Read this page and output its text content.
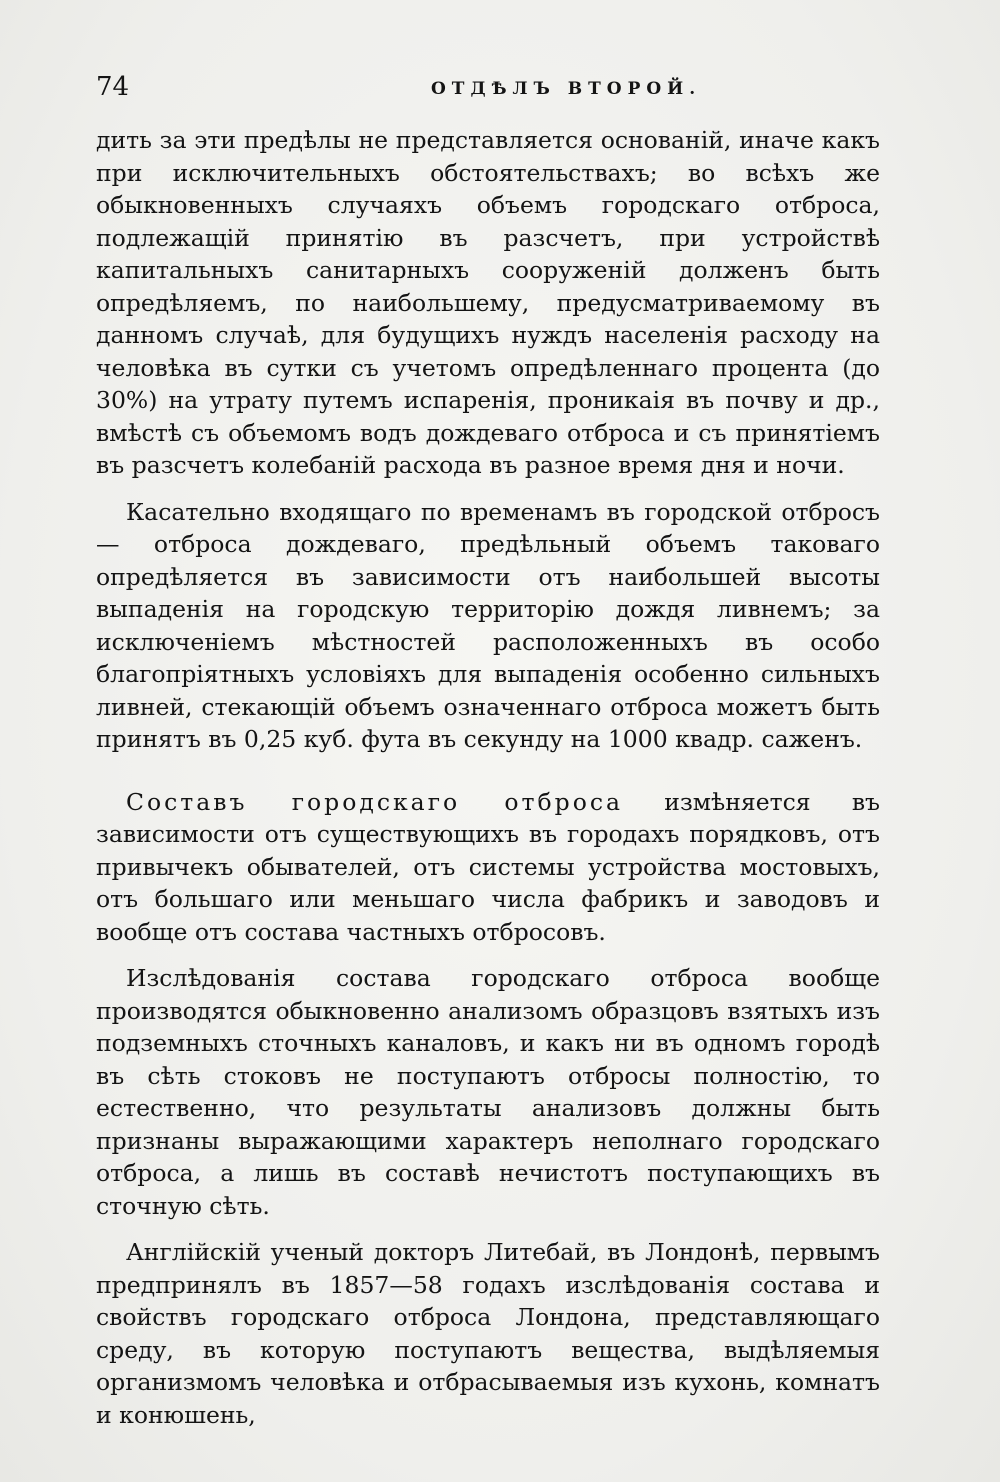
74	ОТДѢЛЪ ВТОРОЙ.

дить за эти предѣлы не представляется основаній, иначе какъ при исключительныхъ обстоятельствахъ; во всѣхъ же обыкновенныхъ случаяхъ объемъ городскаго отброса, подлежащій принятію въ разсчетъ, при устройствѣ капитальныхъ санитарныхъ сооруженій долженъ быть опредѣляемъ, по наибольшему, предусматриваемому въ данномъ случаѣ, для будущихъ нуждъ населенія расходу на человѣка въ сутки съ учетомъ опредѣленнаго процента (до 30%) на утрату путемъ испаренія, проникаія въ почву и др., вмѣстѣ съ объемомъ водъ дождеваго отброса и съ принятіемъ въ разсчетъ колебаній расхода въ разное время дня и ночи.

Касательно входящаго по временамъ въ городской отбросъ— отброса дождеваго, предѣльный объемъ таковаго опредѣляется въ зависимости отъ наибольшей высоты выпаденія на городскую территорію дождя ливнемъ; за исключеніемъ мѣстностей расположенныхъ въ особо благопріятныхъ условіяхъ для выпаденія особенно сильныхъ ливней, стекающій объемъ означеннаго отброса можетъ быть принятъ въ 0,25 куб. фута въ секунду на 1000 квадр. саженъ.

Составъ городскаго отброса измѣняется въ зависимости отъ существующихъ въ городахъ порядковъ, отъ привычекъ обывателей, отъ системы устройства мостовыхъ, отъ большаго или меньшаго числа фабрикъ и заводовъ и вообще отъ состава частныхъ отбросовъ.

Изслѣдованія состава городскаго отброса вообще производятся обыкновенно анализомъ образцовъ взятыхъ изъ подземныхъ сточныхъ каналовъ, и какъ ни въ одномъ городѣ въ сѣть стоковъ не поступаютъ отбросы полностію, то естественно, что результаты анализовъ должны быть признаны выражающими характеръ неполнаго городскаго отброса, а лишь въ составѣ нечистотъ поступающихъ въ сточную сѣть.

Англійскій ученый докторъ Литебай, въ Лондонѣ, первымъ предпринялъ въ 1857—58 годахъ изслѣдованія состава и свойствъ городскаго отброса Лондона, представляющаго среду, въ которую поступаютъ вещества, выдѣляемыя организмомъ человѣка и отбрасываемыя изъ кухонь, комнатъ и конюшень,
